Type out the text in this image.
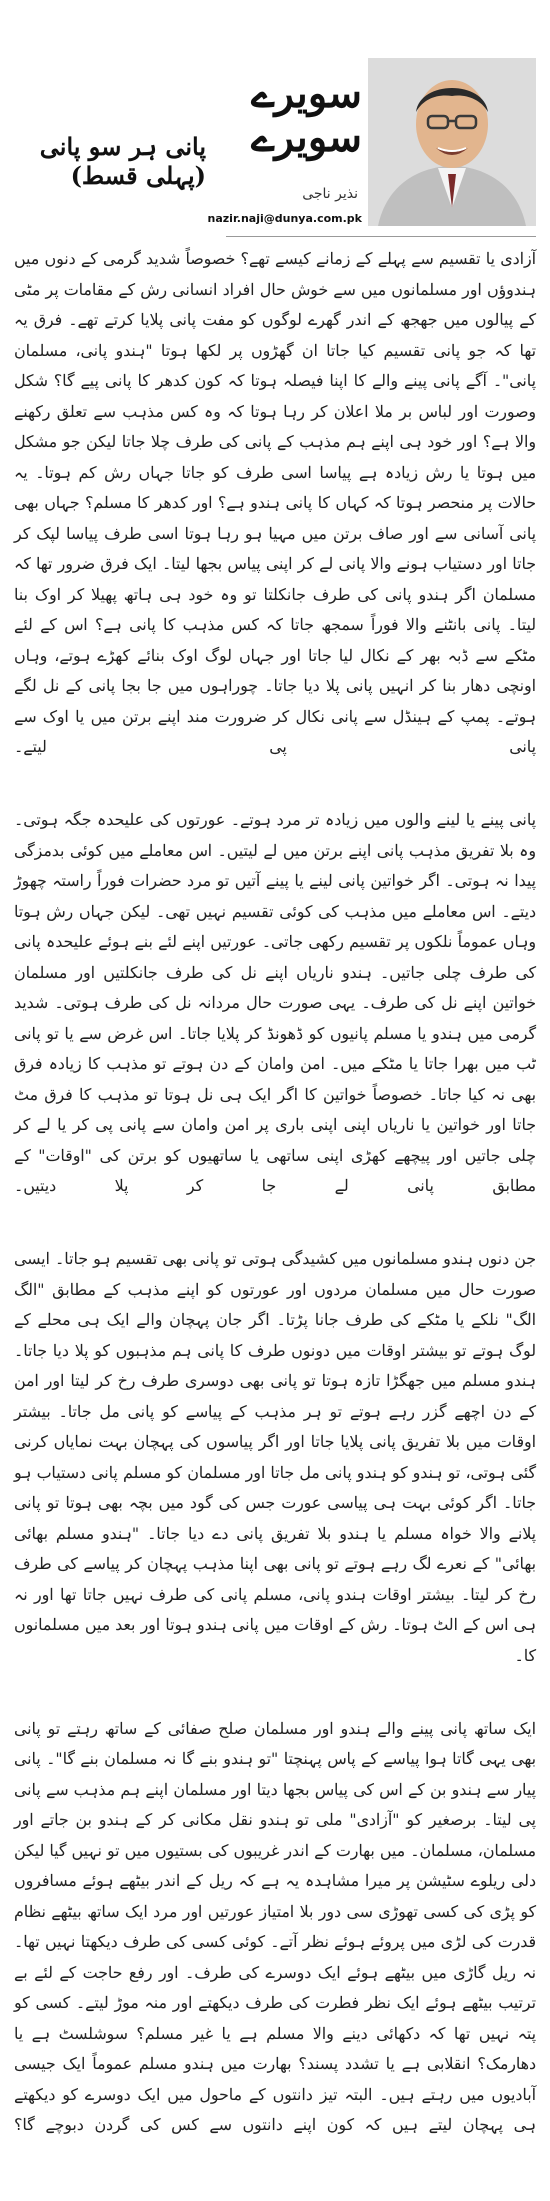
سویرے
سویرے
نذیر ناجی
nazir.naji@dunya.com.pk
پانی ہر سو پانی (پہلی قسط)

آزادی یا تقسیم سے پہلے کے زمانے کیسے تھے؟ خصوصاً شدید گرمی کے دنوں میں ہندوؤں اور مسلمانوں میں سے خوش حال افراد انسانی رش کے مقامات پر مٹی کے پیالوں میں جھجھ کے اندر گھرے لوگوں کو مفت پانی پلایا کرتے تھے۔ فرق یہ تھا کہ جو پانی تقسیم کیا جاتا ان گھڑوں پر لکھا ہوتا "ہندو پانی، مسلمان پانی"۔ آگے پانی پینے والے کا اپنا فیصلہ ہوتا کہ کون کدھر کا پانی پیے گا؟ شکل وصورت اور لباس بر ملا اعلان کر رہا ہوتا کہ وہ کس مذہب سے تعلق رکھنے والا ہے؟ اور خود ہی اپنے ہم مذہب کے پانی کی طرف چلا جاتا لیکن جو مشکل میں ہوتا یا رش زیادہ ہے پیاسا اسی طرف کو جاتا جہاں رش کم ہوتا۔ یہ حالات پر منحصر ہوتا کہ کہاں کا پانی ہندو ہے؟ اور کدھر کا مسلم؟ جہاں بھی پانی آسانی سے اور صاف برتن میں مہیا ہو رہا ہوتا اسی طرف پیاسا لپک کر جاتا اور دستیاب ہونے والا پانی لے کر اپنی پیاس بجھا لیتا۔ ایک فرق ضرور تھا کہ مسلمان اگر ہندو پانی کی طرف جانکلتا تو وہ خود ہی ہاتھ پھیلا کر اوک بنا لیتا۔ پانی بانٹنے والا فوراً سمجھ جاتا کہ کس مذہب کا پانی ہے؟ اس کے لئے مٹکے سے ڈبہ بھر کے نکال لیا جاتا اور جہاں لوگ اوک بنائے کھڑے ہوتے، وہاں اونچی دھار بنا کر انہیں پانی پلا دیا جاتا۔ چوراہوں میں جا بجا پانی کے نل لگے ہوتے۔ پمپ کے ہینڈل سے پانی نکال کر ضرورت مند اپنے برتن میں یا اوک سے پانی پی لیتے۔

پانی پینے یا لینے والوں میں زیادہ تر مرد ہوتے۔ عورتوں کی علیحدہ جگہ ہوتی۔ وہ بلا تفریق مذہب پانی اپنے برتن میں لے لیتیں۔ اس معاملے میں کوئی بدمزگی پیدا نہ ہوتی۔ اگر خواتین پانی لینے یا پینے آتیں تو مرد حضرات فوراً راستہ چھوڑ دیتے۔ اس معاملے میں مذہب کی کوئی تقسیم نہیں تھی۔ لیکن جہاں رش ہوتا وہاں عموماً نلکوں پر تقسیم رکھی جاتی۔ عورتیں اپنے لئے بنے ہوئے علیحدہ پانی کی طرف چلی جاتیں۔ ہندو ناریاں اپنے نل کی طرف جانکلتیں اور مسلمان خواتین اپنے نل کی طرف۔ یہی صورت حال مردانہ نل کی طرف ہوتی۔ شدید گرمی میں ہندو یا مسلم پانیوں کو ڈھونڈ کر پلایا جاتا۔ اس غرض سے یا تو پانی ٹب میں بھرا جاتا یا مٹکے میں۔ امن وامان کے دن ہوتے تو مذہب کا زیادہ فرق بھی نہ کیا جاتا۔ خصوصاً خواتین کا اگر ایک ہی نل ہوتا تو مذہب کا فرق مٹ جاتا اور خواتین یا ناریاں اپنی اپنی باری پر امن وامان سے پانی پی کر یا لے کر چلی جاتیں اور پیچھے کھڑی اپنی ساتھی یا ساتھیوں کو برتن کی "اوقات" کے مطابق پانی لے جا کر پلا دیتیں۔

جن دنوں ہندو مسلمانوں میں کشیدگی ہوتی تو پانی بھی تقسیم ہو جاتا۔ ایسی صورت حال میں مسلمان مردوں اور عورتوں کو اپنے مذہب کے مطابق "الگ الگ" نلکے یا مٹکے کی طرف جانا پڑتا۔ اگر جان پہچان والے ایک ہی محلے کے لوگ ہوتے تو بیشتر اوقات میں دونوں طرف کا پانی ہم مذہبوں کو پلا دیا جاتا۔ ہندو مسلم میں جھگڑا تازہ ہوتا تو پانی بھی دوسری طرف رخ کر لیتا اور امن کے دن اچھے گزر رہے ہوتے تو ہر مذہب کے پیاسے کو پانی مل جاتا۔ بیشتر اوقات میں بلا تفریق پانی پلایا جاتا اور اگر پیاسوں کی پہچان بہت نمایاں کرنی گئی ہوتی، تو ہندو کو ہندو پانی مل جاتا اور مسلمان کو مسلم پانی دستیاب ہو جاتا۔ اگر کوئی بہت ہی پیاسی عورت جس کی گود میں بچہ بھی ہوتا تو پانی پلانے والا خواہ مسلم یا ہندو بلا تفریق پانی دے دیا جاتا۔ "ہندو مسلم بھائی بھائی" کے نعرے لگ رہے ہوتے تو پانی بھی اپنا مذہب پہچان کر پیاسے کی طرف رخ کر لیتا۔ بیشتر اوقات ہندو پانی، مسلم پانی کی طرف نہیں جاتا تھا اور نہ ہی اس کے الٹ ہوتا۔ رش کے اوقات میں پانی ہندو ہوتا اور بعد میں مسلمانوں کا۔

ایک ساتھ پانی پینے والے ہندو اور مسلمان صلح صفائی کے ساتھ رہتے تو پانی بھی یہی گاتا ہوا پیاسے کے پاس پہنچتا "تو ہندو بنے گا نہ مسلمان بنے گا"۔ پانی پیار سے ہندو بن کے اس کی پیاس بجھا دیتا اور مسلمان اپنے ہم مذہب سے پانی پی لیتا۔ برصغیر کو "آزادی" ملی تو ہندو نقل مکانی کر کے ہندو بن جاتے اور مسلمان، مسلمان۔ میں بھارت کے اندر غریبوں کی بستیوں میں تو نہیں گیا لیکن دلی ریلوے سٹیشن پر میرا مشاہدہ یہ ہے کہ ریل کے اندر بیٹھے ہوئے مسافروں کو پڑی کی کسی تھوڑی سی دور بلا امتیاز عورتیں اور مرد ایک ساتھ بیٹھے نظام قدرت کی لڑی میں پروئے ہوئے نظر آتے۔ کوئی کسی کی طرف دیکھتا نہیں تھا۔ نہ ریل گاڑی میں بیٹھے ہوئے ایک دوسرے کی طرف۔ اور رفع حاجت کے لئے بے ترتیب بیٹھے ہوئے ایک نظر فطرت کی طرف دیکھتے اور منہ موڑ لیتے۔ کسی کو پتہ نہیں تھا کہ دکھائی دینے والا مسلم ہے یا غیر مسلم؟ سوشلسٹ ہے یا دھارمک؟ انقلابی ہے یا تشدد پسند؟ بھارت میں ہندو مسلم عموماً ایک جیسی آبادیوں میں رہتے ہیں۔ البتہ تیز دانتوں کے ماحول میں ایک دوسرے کو دیکھتے ہی پہچان لیتے ہیں کہ کون اپنے دانتوں سے کس کی گردن دبوچے گا؟
